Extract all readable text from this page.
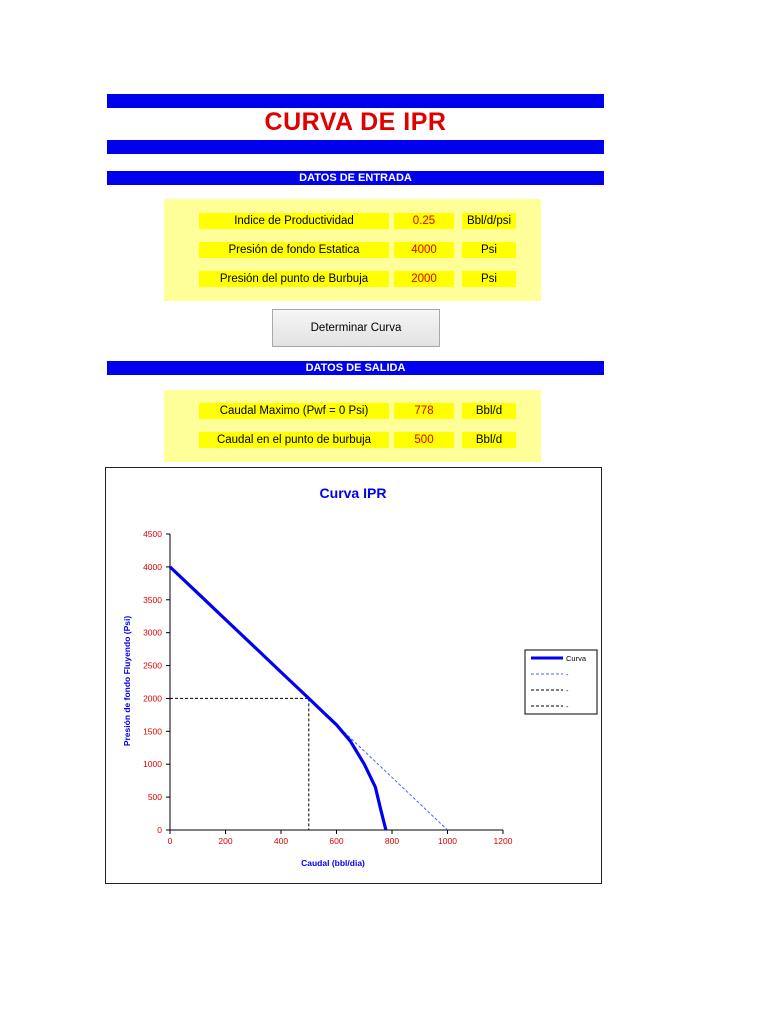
CURVA DE IPR
DATOS DE ENTRADA
Indice de Productividad	0.25	Bbl/d/psi
Presión de fondo Estatica	4000	Psi
Presión del punto de Burbuja	2000	Psi
Determinar Curva
DATOS DE SALIDA
Caudal Maximo (Pwf = 0 Psi)	778	Bbl/d
Caudal en el punto de burbuja	500	Bbl/d
Curva IPR
Caudal (bbl/dia)
Presión de fondo Fluyendo (Psi)
0	200	400	600	800	1000	1200
0
500
1000
1500
2000
2500
3000
3500
4000
4500
Curva
-
-
-
